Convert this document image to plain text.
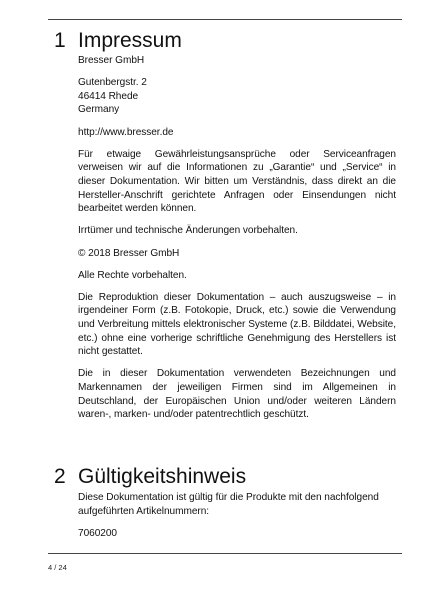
1 Impressum

Bresser GmbH

Gutenbergstr. 2
46414 Rhede
Germany

http://www.bresser.de

Für etwaige Gewährleistungsansprüche oder Serviceanfragen verweisen wir auf die Informationen zu „Garantie“ und „Service“ in dieser Dokumentation. Wir bitten um Verständnis, dass direkt an die Hersteller-Anschrift gerichtete Anfragen oder Einsendungen nicht bearbeitet werden können.

Irrtümer und technische Änderungen vorbehalten.

© 2018 Bresser GmbH

Alle Rechte vorbehalten.

Die Reproduktion dieser Dokumentation – auch auszugsweise – in irgendeiner Form (z.B. Fotokopie, Druck, etc.) sowie die Verwendung und Verbreitung mittels elektronischer Systeme (z.B. Bilddatei, Website, etc.) ohne eine vorherige schriftliche Genehmigung des Herstellers ist nicht gestattet.

Die in dieser Dokumentation verwendeten Bezeichnungen und Markennamen der jeweiligen Firmen sind im Allgemeinen in Deutschland, der Europäischen Union und/oder weiteren Ländern waren-, marken- und/oder patentrechtlich geschützt.

2 Gültigkeitshinweis

Diese Dokumentation ist gültig für die Produkte mit den nachfolgend aufgeführten Artikelnummern:

7060200

4 / 24
